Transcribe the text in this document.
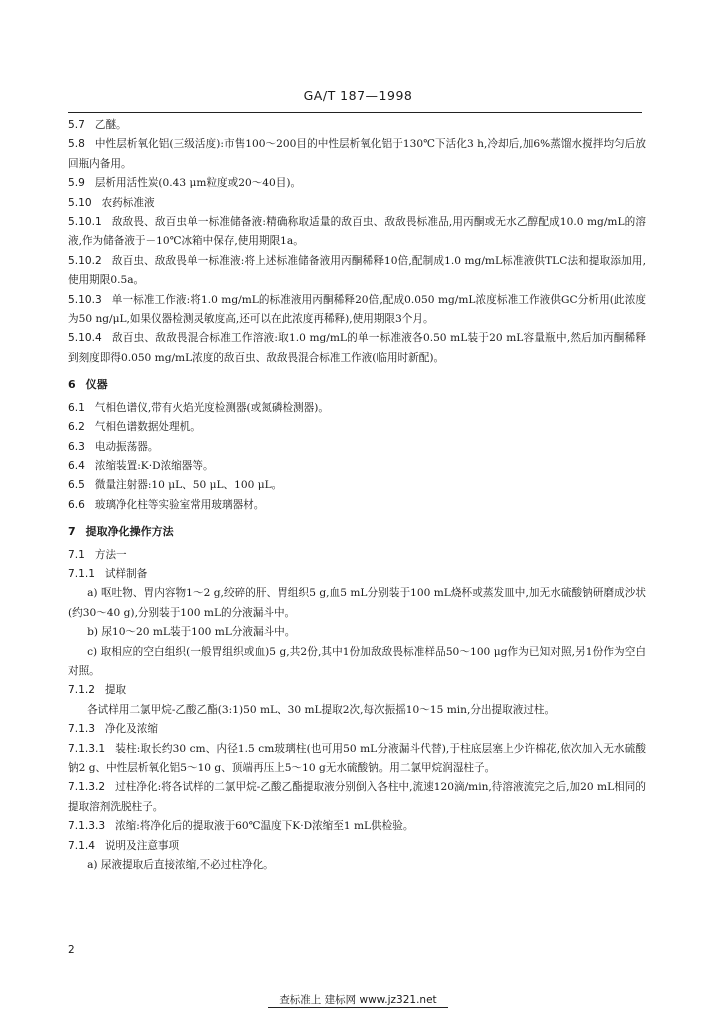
GA/T 187—1998

5.7 乙醚。

5.8 中性层析氧化铝(三级活度):市售100～200目的中性层析氧化铝于130℃下活化3 h,冷却后,加6%蒸馏水搅拌均匀后放回瓶内备用。

5.9 层析用活性炭(0.43 μm粒度或20～40目)。

5.10 农药标准液

5.10.1 敌敌畏、敌百虫单一标准储备液:精确称取适量的敌百虫、敌敌畏标准品,用丙酮或无水乙醇配成10.0 mg/mL的溶液,作为储备液于－10℃冰箱中保存,使用期限1a。

5.10.2 敌百虫、敌敌畏单一标准液:将上述标准储备液用丙酮稀释10倍,配制成1.0 mg/mL标准液供TLC法和提取添加用,使用期限0.5a。

5.10.3 单一标准工作液:将1.0 mg/mL的标准液用丙酮稀释20倍,配成0.050 mg/mL浓度标准工作液供GC分析用(此浓度为50 ng/μL,如果仪器检测灵敏度高,还可以在此浓度再稀释),使用期限3个月。

5.10.4 敌百虫、敌敌畏混合标准工作溶液:取1.0 mg/mL的单一标准液各0.50 mL装于20 mL容量瓶中,然后加丙酮稀释到刻度即得0.050 mg/mL浓度的敌百虫、敌敌畏混合标准工作液(临用时新配)。

6 仪器

6.1 气相色谱仪,带有火焰光度检测器(或氮磷检测器)。

6.2 气相色谱数据处理机。

6.3 电动振荡器。

6.4 浓缩装置:K·D浓缩器等。

6.5 微量注射器:10 μL、50 μL、100 μL。

6.6 玻璃净化柱等实验室常用玻璃器材。

7 提取净化操作方法

7.1 方法一

7.1.1 试样制备

a) 呕吐物、胃内容物1～2 g,绞碎的肝、胃组织5 g,血5 mL分别装于100 mL烧杯或蒸发皿中,加无水硫酸钠研磨成沙状(约30～40 g),分别装于100 mL的分液漏斗中。

b) 尿10～20 mL装于100 mL分液漏斗中。

c) 取相应的空白组织(一般胃组织或血)5 g,共2份,其中1份加敌敌畏标准样品50～100 μg作为已知对照,另1份作为空白对照。

7.1.2 提取

各试样用二氯甲烷-乙酸乙酯(3:1)50 mL、30 mL提取2次,每次振摇10～15 min,分出提取液过柱。

7.1.3 净化及浓缩

7.1.3.1 装柱:取长约30 cm、内径1.5 cm玻璃柱(也可用50 mL分液漏斗代替),于柱底层塞上少许棉花,依次加入无水硫酸钠2 g、中性层析氧化铝5～10 g、顶端再压上5～10 g无水硫酸钠。用二氯甲烷润湿柱子。

7.1.3.2 过柱净化:将各试样的二氯甲烷-乙酸乙酯提取液分别倒入各柱中,流速120滴/min,待溶液流完之后,加20 mL相同的提取溶剂洗脱柱子。

7.1.3.3 浓缩:将净化后的提取液于60℃温度下K·D浓缩至1 mL供检验。

7.1.4 说明及注意事项

a) 尿液提取后直接浓缩,不必过柱净化。

2
查标准上 建标网 www.jz321.net
